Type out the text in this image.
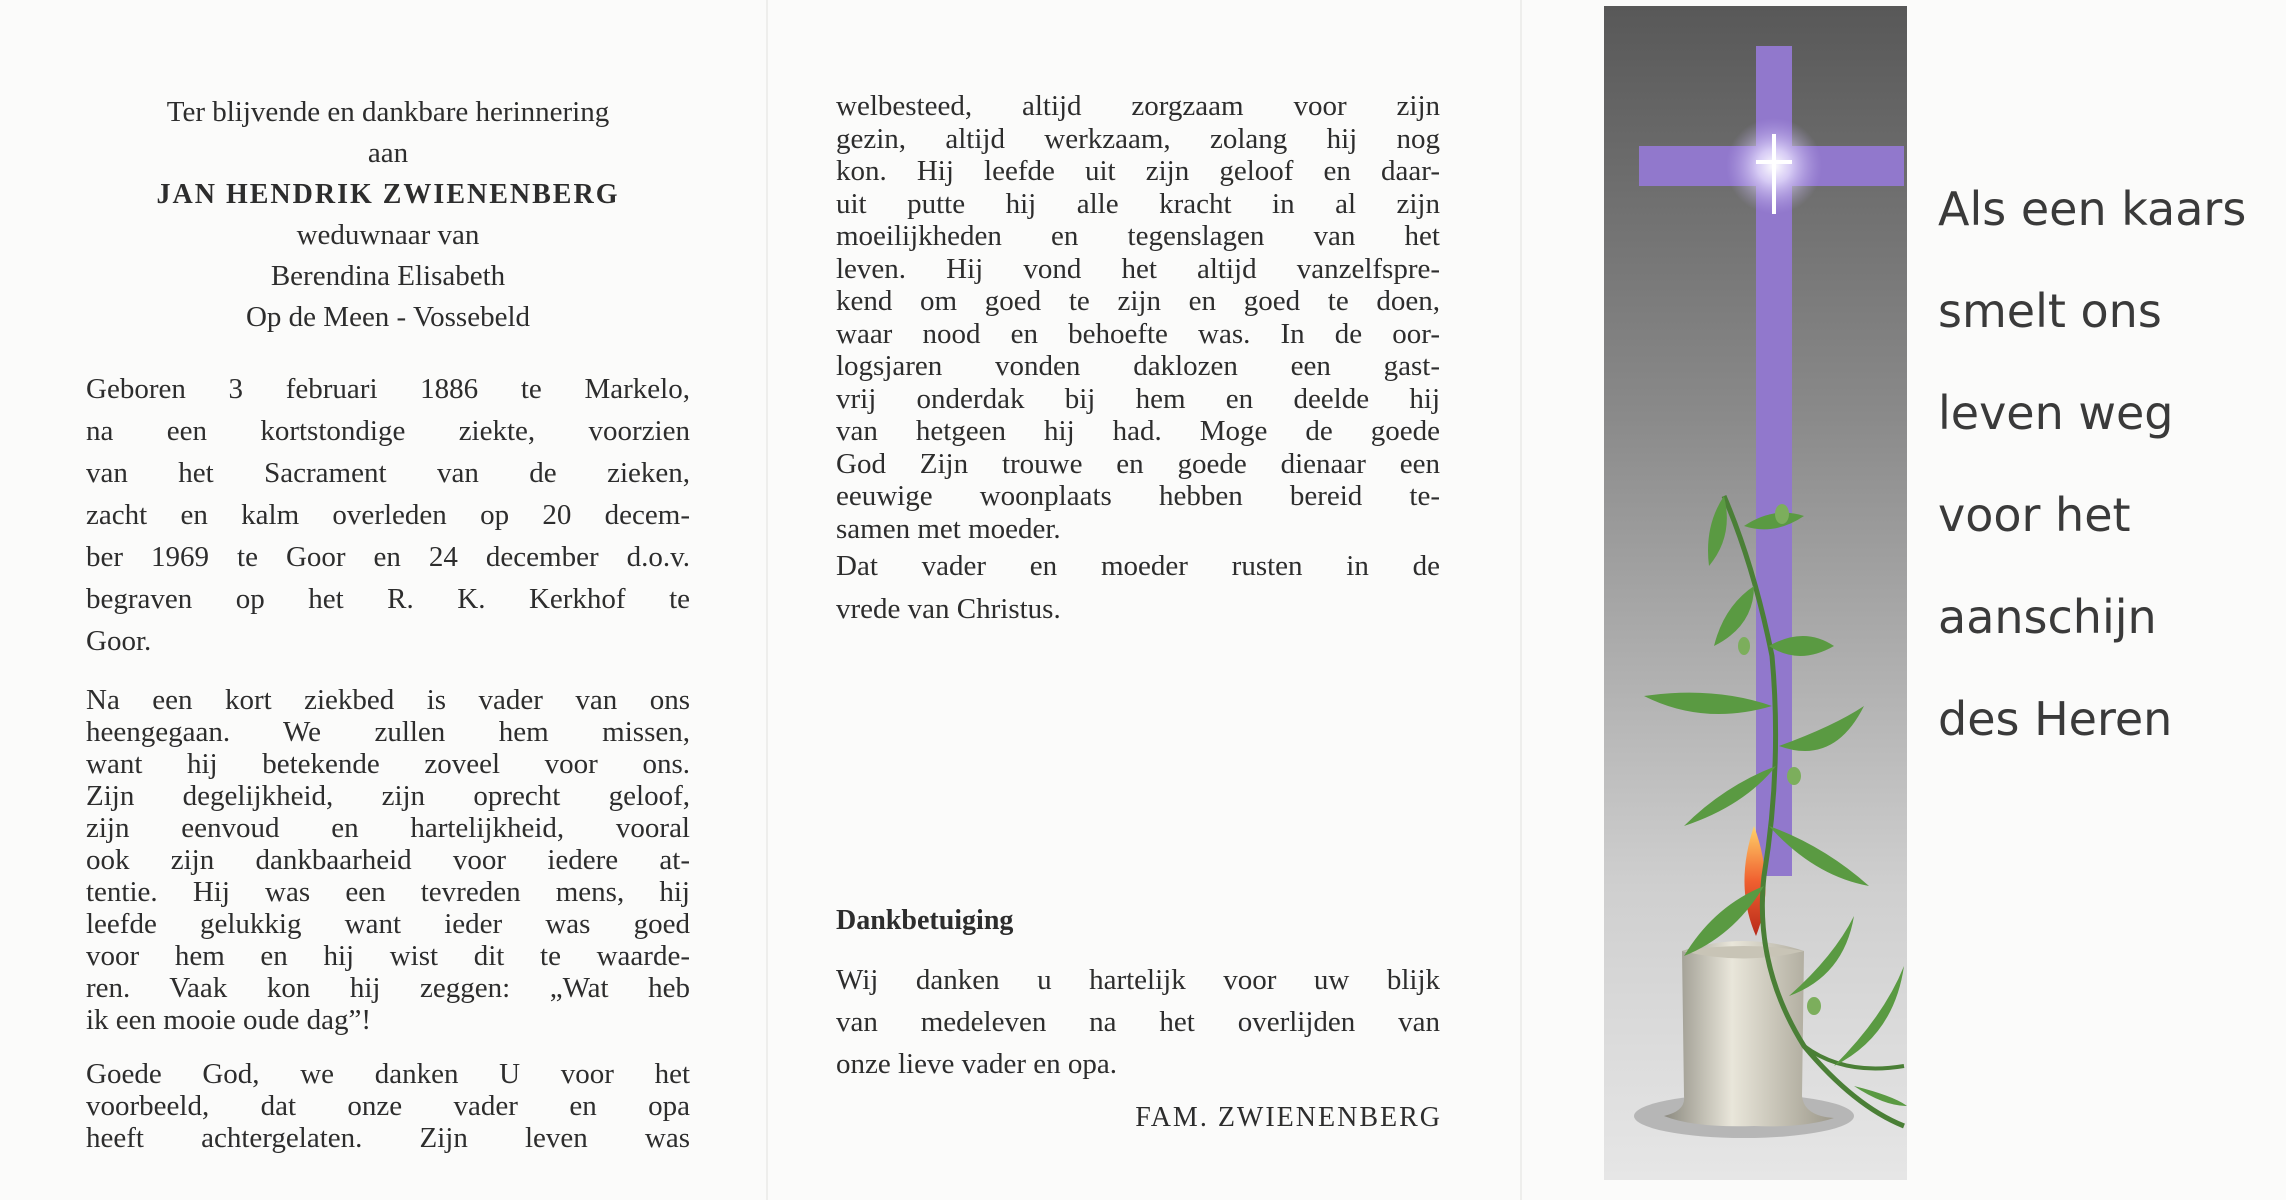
Ter blijvende en dankbare herinnering

aan

JAN HENDRIK ZWIENENBERG

weduwnaar van

Berendina Elisabeth

Op de Meen - Vossebeld

Geboren 3 februari 1886 te Markelo,

na een kortstondige ziekte, voorzien

van het Sacrament van de zieken,

zacht en kalm overleden op 20 decem-

ber 1969 te Goor en 24 december d.o.v.

begraven op het R. K. Kerkhof te

Goor.

Na een kort ziekbed is vader van ons

heengegaan. We zullen hem missen,

want hij betekende zoveel voor ons.

Zijn degelijkheid, zijn oprecht geloof,

zijn eenvoud en hartelijkheid, vooral

ook zijn dankbaarheid voor iedere at-

tentie. Hij was een tevreden mens, hij

leefde gelukkig want ieder was goed

voor hem en hij wist dit te waarde-

ren. Vaak kon hij zeggen: „Wat heb

ik een mooie oude dag”!

Goede God, we danken U voor het

voorbeeld, dat onze vader en opa

heeft achtergelaten. Zijn leven was

welbesteed, altijd zorgzaam voor zijn

gezin, altijd werkzaam, zolang hij nog

kon. Hij leefde uit zijn geloof en daar-

uit putte hij alle kracht in al zijn

moeilijkheden en tegenslagen van het

leven. Hij vond het altijd vanzelfspre-

kend om goed te zijn en goed te doen,

waar nood en behoefte was. In de oor-

logsjaren vonden daklozen een gast-

vrij onderdak bij hem en deelde hij

van hetgeen hij had. Moge de goede

God Zijn trouwe en goede dienaar een

eeuwige woonplaats hebben bereid te-

samen met moeder.

Dat vader en moeder rusten in de

vrede van Christus.

Dankbetuiging

Wij danken u hartelijk voor uw blijk

van medeleven na het overlijden van

onze lieve vader en opa.

FAM. ZWIENENBERG

Als een kaars

smelt ons

leven weg

voor het

aanschijn

des Heren
